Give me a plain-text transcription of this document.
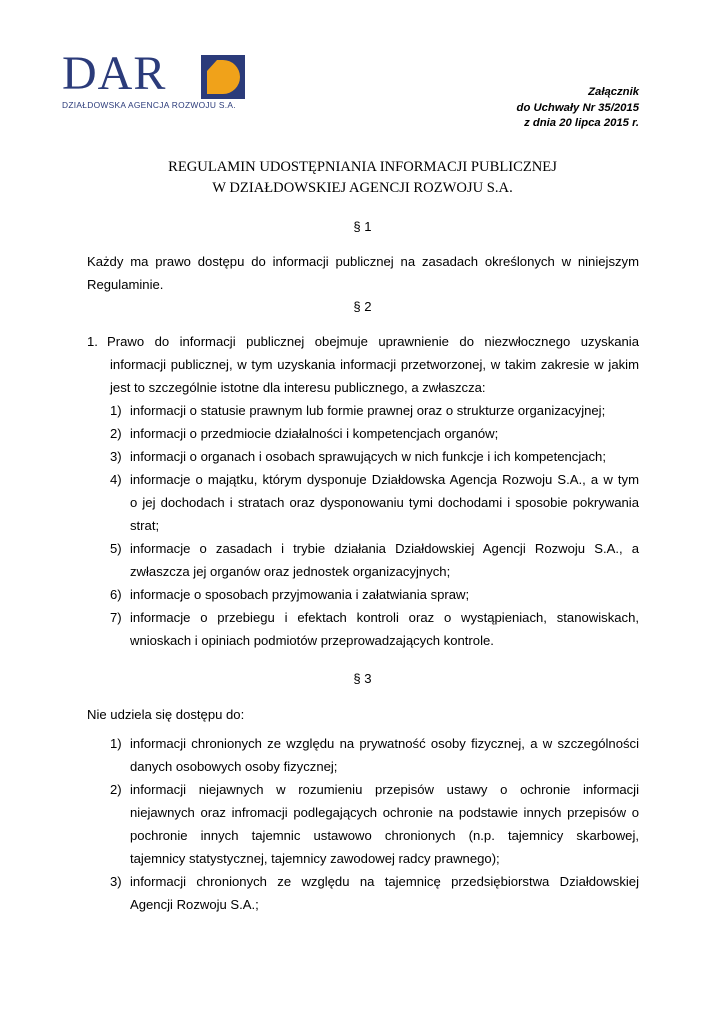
DAR
DZIAŁDOWSKA AGENCJA ROZWOJU S.A.
Załącznik
do Uchwały Nr 35/2015
z dnia 20 lipca 2015 r.
REGULAMIN UDOSTĘPNIANIA INFORMACJI PUBLICZNEJ
W DZIAŁDOWSKIEJ AGENCJI ROZWOJU S.A.
§ 1
Każdy ma prawo dostępu do informacji publicznej na zasadach określonych w niniejszym
Regulaminie.
§ 2
1. Prawo do informacji publicznej obejmuje uprawnienie do niezwłocznego uzyskania
informacji publicznej, w tym uzyskania informacji przetworzonej, w takim zakresie w jakim
jest to szczególnie istotne dla interesu publicznego, a zwłaszcza:
1) informacji o statusie prawnym lub formie prawnej oraz o strukturze organizacyjnej;
2) informacji o przedmiocie działalności i kompetencjach organów;
3) informacji o organach i osobach sprawujących w nich funkcje i ich kompetencjach;
4) informacje o majątku, którym dysponuje Działdowska Agencja Rozwoju S.A., a w tym
o jej dochodach i stratach oraz dysponowaniu tymi dochodami i sposobie pokrywania
strat;
5) informacje o zasadach i trybie działania Działdowskiej Agencji Rozwoju S.A., a
zwłaszcza jej organów oraz jednostek organizacyjnych;
6) informacje o sposobach przyjmowania i załatwiania spraw;
7) informacje o przebiegu i efektach kontroli oraz o wystąpieniach, stanowiskach,
wnioskach i opiniach podmiotów przeprowadzających kontrole.
§ 3
Nie udziela się dostępu do:
1) informacji chronionych ze względu na prywatność osoby fizycznej, a w szczególności
danych osobowych osoby fizycznej;
2) informacji niejawnych w rozumieniu przepisów ustawy o ochronie informacji
niejawnych oraz infromacji podlegających ochronie na podstawie innych przepisów o
pochronie innych tajemnic ustawowo chronionych (n.p. tajemnicy skarbowej,
tajemnicy statystycznej, tajemnicy zawodowej radcy prawnego);
3) informacji chronionych ze względu na tajemnicę przedsiębiorstwa Działdowskiej
Agencji Rozwoju S.A.;
